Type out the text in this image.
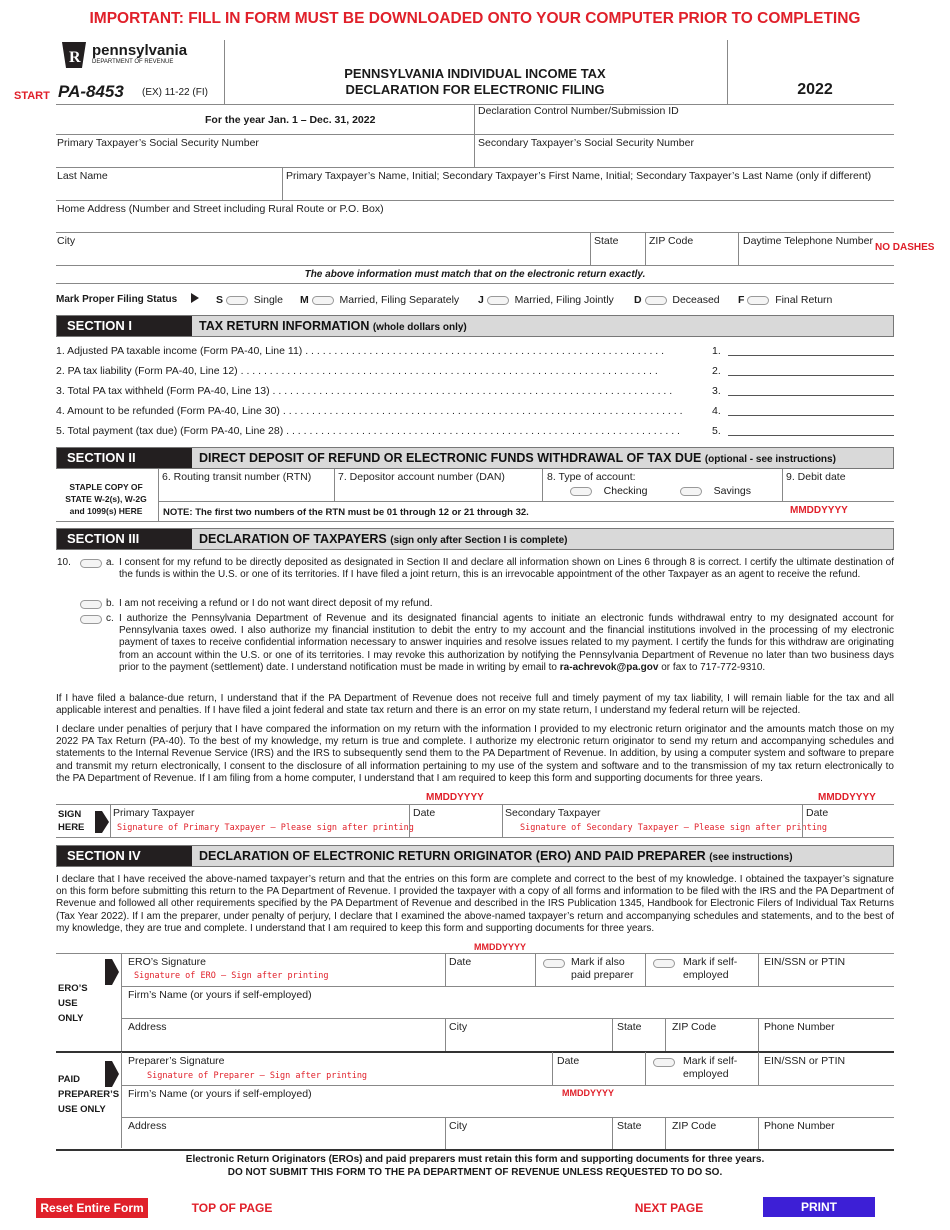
IMPORTANT: FILL IN FORM MUST BE DOWNLOADED ONTO YOUR COMPUTER PRIOR TO COMPLETING
START
R pennsylvania
DEPARTMENT OF REVENUE
PA-8453 (EX) 11-22 (FI)
PENNSYLVANIA INDIVIDUAL INCOME TAX
DECLARATION FOR ELECTRONIC FILING	2022
For the year Jan. 1 – Dec. 31, 2022
Declaration Control Number/Submission ID
Primary Taxpayer’s Social Security Number	Secondary Taxpayer’s Social Security Number
Last Name	Primary Taxpayer’s Name, Initial; Secondary Taxpayer’s First Name, Initial; Secondary Taxpayer’s Last Name (only if different)
Home Address (Number and Street including Rural Route or P.O. Box)
City	State	ZIP Code	Daytime Telephone Number
NO DASHES
The above information must match that on the electronic return exactly.
Mark Proper Filing Status	S	Single M	Married, Filing Separately J	Married, Filing Jointly D	Deceased F	Final Return
SECTION I	TAX RETURN INFORMATION (whole dollars only)
1. Adjusted PA taxable income (Form PA-40, Line 11) . . . . . . . . . . . . . . . . . . . . . . . . . . . . . . . . . . . . . . . . . . . . . . . . . . . . . . . . . . . . . .	1.
2. PA tax liability (Form PA-40, Line 12) . . . . . . . . . . . . . . . . . . . . . . . . . . . . . . . . . . . . . . . . . . . . . . . . . . . . . . . . . . . . . . . . . . . . . . . .	2.
3. Total PA tax withheld (Form PA-40, Line 13) . . . . . . . . . . . . . . . . . . . . . . . . . . . . . . . . . . . . . . . . . . . . . . . . . . . . . . . . . . . . . . . . . . . . .	3.
4. Amount to be refunded (Form PA-40, Line 30) . . . . . . . . . . . . . . . . . . . . . . . . . . . . . . . . . . . . . . . . . . . . . . . . . . . . . . . . . . . . . . . . . . . . .	4.
5. Total payment (tax due) (Form PA-40, Line 28) . . . . . . . . . . . . . . . . . . . . . . . . . . . . . . . . . . . . . . . . . . . . . . . . . . . . . . . . . . . . . . . . . . . .	5.
SECTION II	DIRECT DEPOSIT OF REFUND OR ELECTRONIC FUNDS WITHDRAWAL OF TAX DUE (optional - see instructions)
STAPLE COPY OF STATE W-2(s), W-2G and 1099(s) HERE
6. Routing transit number (RTN)	7. Depositor account number (DAN)	8. Type of account:
Checking	Savings
9. Debit date
MMDDYYYY
NOTE: The first two numbers of the RTN must be 01 through 12 or 21 through 32.
SECTION III	DECLARATION OF TAXPAYERS (sign only after Section I is complete)
10.	a. I consent for my refund to be directly deposited as designated in Section II and declare all information shown on Lines 6 through 8 is correct. I certify the ultimate destination of the funds is within the U.S. or one of its territories. If I have filed a joint return, this is an irrevocable appointment of the other Taxpayer as an agent to receive the refund.
b. I am not receiving a refund or I do not want direct deposit of my refund.
c. I authorize the Pennsylvania Department of Revenue and its designated financial agents to initiate an electronic funds withdrawal entry to my designated account for Pennsylvania taxes owed. I also authorize my financial institution to debit the entry to my account and the financial institutions involved in the processing of my electronic payment of taxes to receive confidential information necessary to answer inquiries and resolve issues related to my payment. I certify the funds for this withdraw are originating from an account within the U.S. or one of its territories. I may revoke this authorization by notifying the Pennsylvania Department of Revenue no later than two business days prior to the payment (settlement) date. I understand notification must be made in writing by email to ra-achrevok@pa.gov or fax to 717-772-9310.
If I have filed a balance-due return, I understand that if the PA Department of Revenue does not receive full and timely payment of my tax liability, I will remain liable for the tax and all applicable interest and penalties. If I have filed a joint federal and state tax return and there is an error on my state return, I understand my federal return will be rejected.
I declare under penalties of perjury that I have compared the information on my return with the information I provided to my electronic return originator and the amounts match those on my 2022 PA Tax Return (PA-40). To the best of my knowledge, my return is true and complete. I authorize my electronic return originator to send my return and accompanying schedules and statements to the Internal Revenue Service (IRS) and the IRS to subsequently send them to the PA Department of Revenue. In addition, by using a computer system and software to prepare and transmit my return electronically, I consent to the disclosure of all information pertaining to my use of the system and software and to the transmission of my tax return electronically to the PA Department of Revenue. If I am filing from a home computer, I understand that I am required to keep this form and supporting documents for three years.
MMDDYYYY	MMDDYYYY
SIGN
HERE
Primary Taxpayer
Signature of Primary Taxpayer – Please sign after printing
Date	Secondary Taxpayer
Signature of Secondary Taxpayer – Please sign after printing
Date
SECTION IV	DECLARATION OF ELECTRONIC RETURN ORIGINATOR (ERO) AND PAID PREPARER (see instructions)
I declare that I have received the above-named taxpayer’s return and that the entries on this form are complete and correct to the best of my knowledge. I obtained the taxpayer’s signature on this form before submitting this return to the PA Department of Revenue. I provided the taxpayer with a copy of all forms and information to be filed with the IRS and the PA Department of Revenue and followed all other requirements specified by the PA Department of Revenue and described in the IRS Publication 1345, Handbook for Electronic Filers of Individual Tax Returns (Tax Year 2022). If I am the preparer, under penalty of perjury, I declare that I examined the above-named taxpayer’s return and accompanying schedules and statements, and to the best of my knowledge, they are true and complete. I understand that I am required to keep this form and supporting documents for three years.
MMDDYYYY
ERO’S USE ONLY
ERO’s Signature
Signature of ERO – Sign after printing
Date	Mark if also paid preparer
Mark if self-employed
EIN/SSN or PTIN
Firm’s Name (or yours if self-employed)
Address	City	State	ZIP Code	Phone Number
PAID PREPARER’S USE ONLY
Preparer’s Signature
Signature of Preparer – Sign after printing
Date	Mark if self-employed
EIN/SSN or PTIN
Firm’s Name (or yours if self-employed)	MMDDYYYY
Address	City	State	ZIP Code	Phone Number
Electronic Return Originators (EROs) and paid preparers must retain this form and supporting documents for three years.
DO NOT SUBMIT THIS FORM TO THE PA DEPARTMENT OF REVENUE UNLESS REQUESTED TO DO SO.
Reset Entire Form	TOP OF PAGE	NEXT PAGE	PRINT
